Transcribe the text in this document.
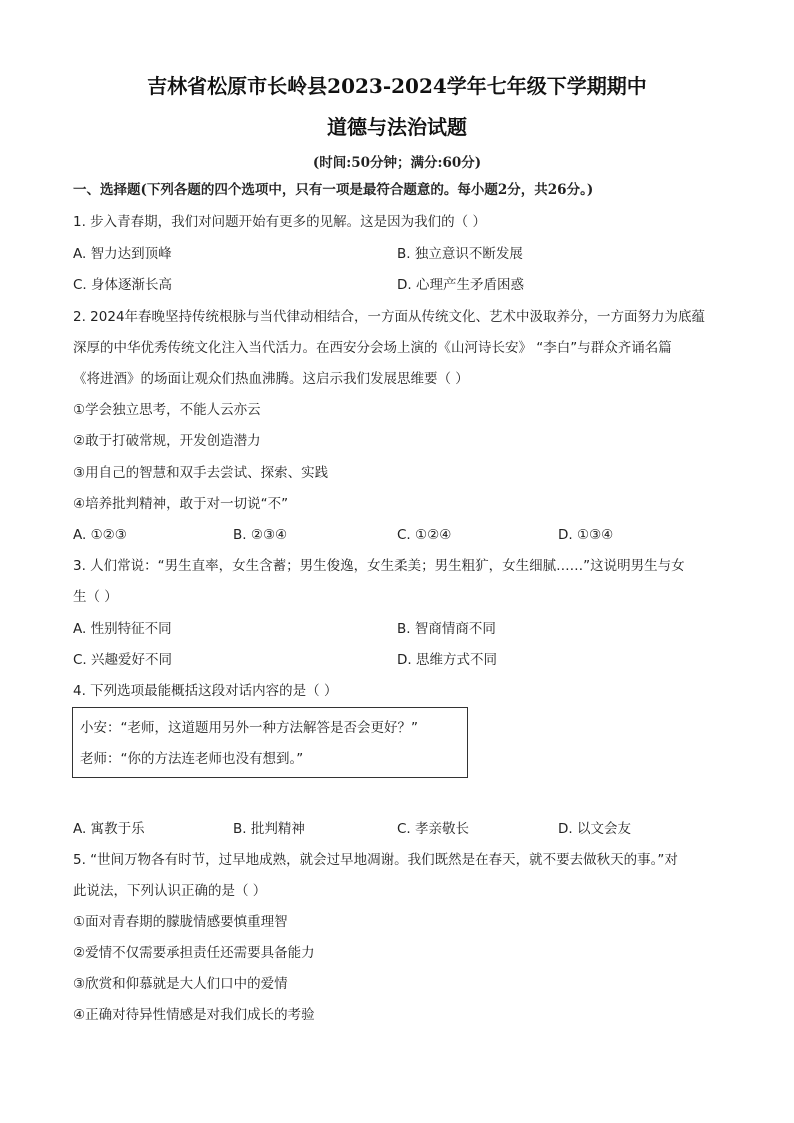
吉林省松原市长岭县2023-2024学年七年级下学期期中
道德与法治试题
(时间:50分钟；满分:60分)
一、选择题(下列各题的四个选项中，只有一项是最符合题意的。每小题2分，共26分。)
1. 步入青春期，我们对问题开始有更多的见解。这是因为我们的（ ）
A. 智力达到顶峰	B. 独立意识不断发展
C. 身体逐渐长高	D. 心理产生矛盾困惑
2. 2024年春晚坚持传统根脉与当代律动相结合，一方面从传统文化、艺术中汲取养分，一方面努力为底蕴
深厚的中华优秀传统文化注入当代活力。在西安分会场上演的《山河诗长安》 “李白”与群众齐诵名篇
《将进酒》的场面让观众们热血沸腾。这启示我们发展思维要（ ）
①学会独立思考，不能人云亦云
②敢于打破常规，开发创造潜力
③用自己的智慧和双手去尝试、探索、实践
④培养批判精神，敢于对一切说“不”
A. ①②③	B. ②③④	C. ①②④	D. ①③④
3. 人们常说：“男生直率，女生含蓄；男生俊逸，女生柔美；男生粗犷，女生细腻……”这说明男生与女
生（ ）
A. 性别特征不同	B. 智商情商不同
C. 兴趣爱好不同	D. 思维方式不同
4. 下列选项最能概括这段对话内容的是（ ）
小安：“老师，这道题用另外一种方法解答是否会更好？”
老师：“你的方法连老师也没有想到。”
A. 寓教于乐	B. 批判精神	C. 孝亲敬长	D. 以文会友
5. “世间万物各有时节，过早地成熟，就会过早地凋谢。我们既然是在春天，就不要去做秋天的事。”对
此说法，下列认识正确的是（ ）
①面对青春期的朦胧情感要慎重理智
②爱情不仅需要承担责任还需要具备能力
③欣赏和仰慕就是大人们口中的爱情
④正确对待异性情感是对我们成长的考验
